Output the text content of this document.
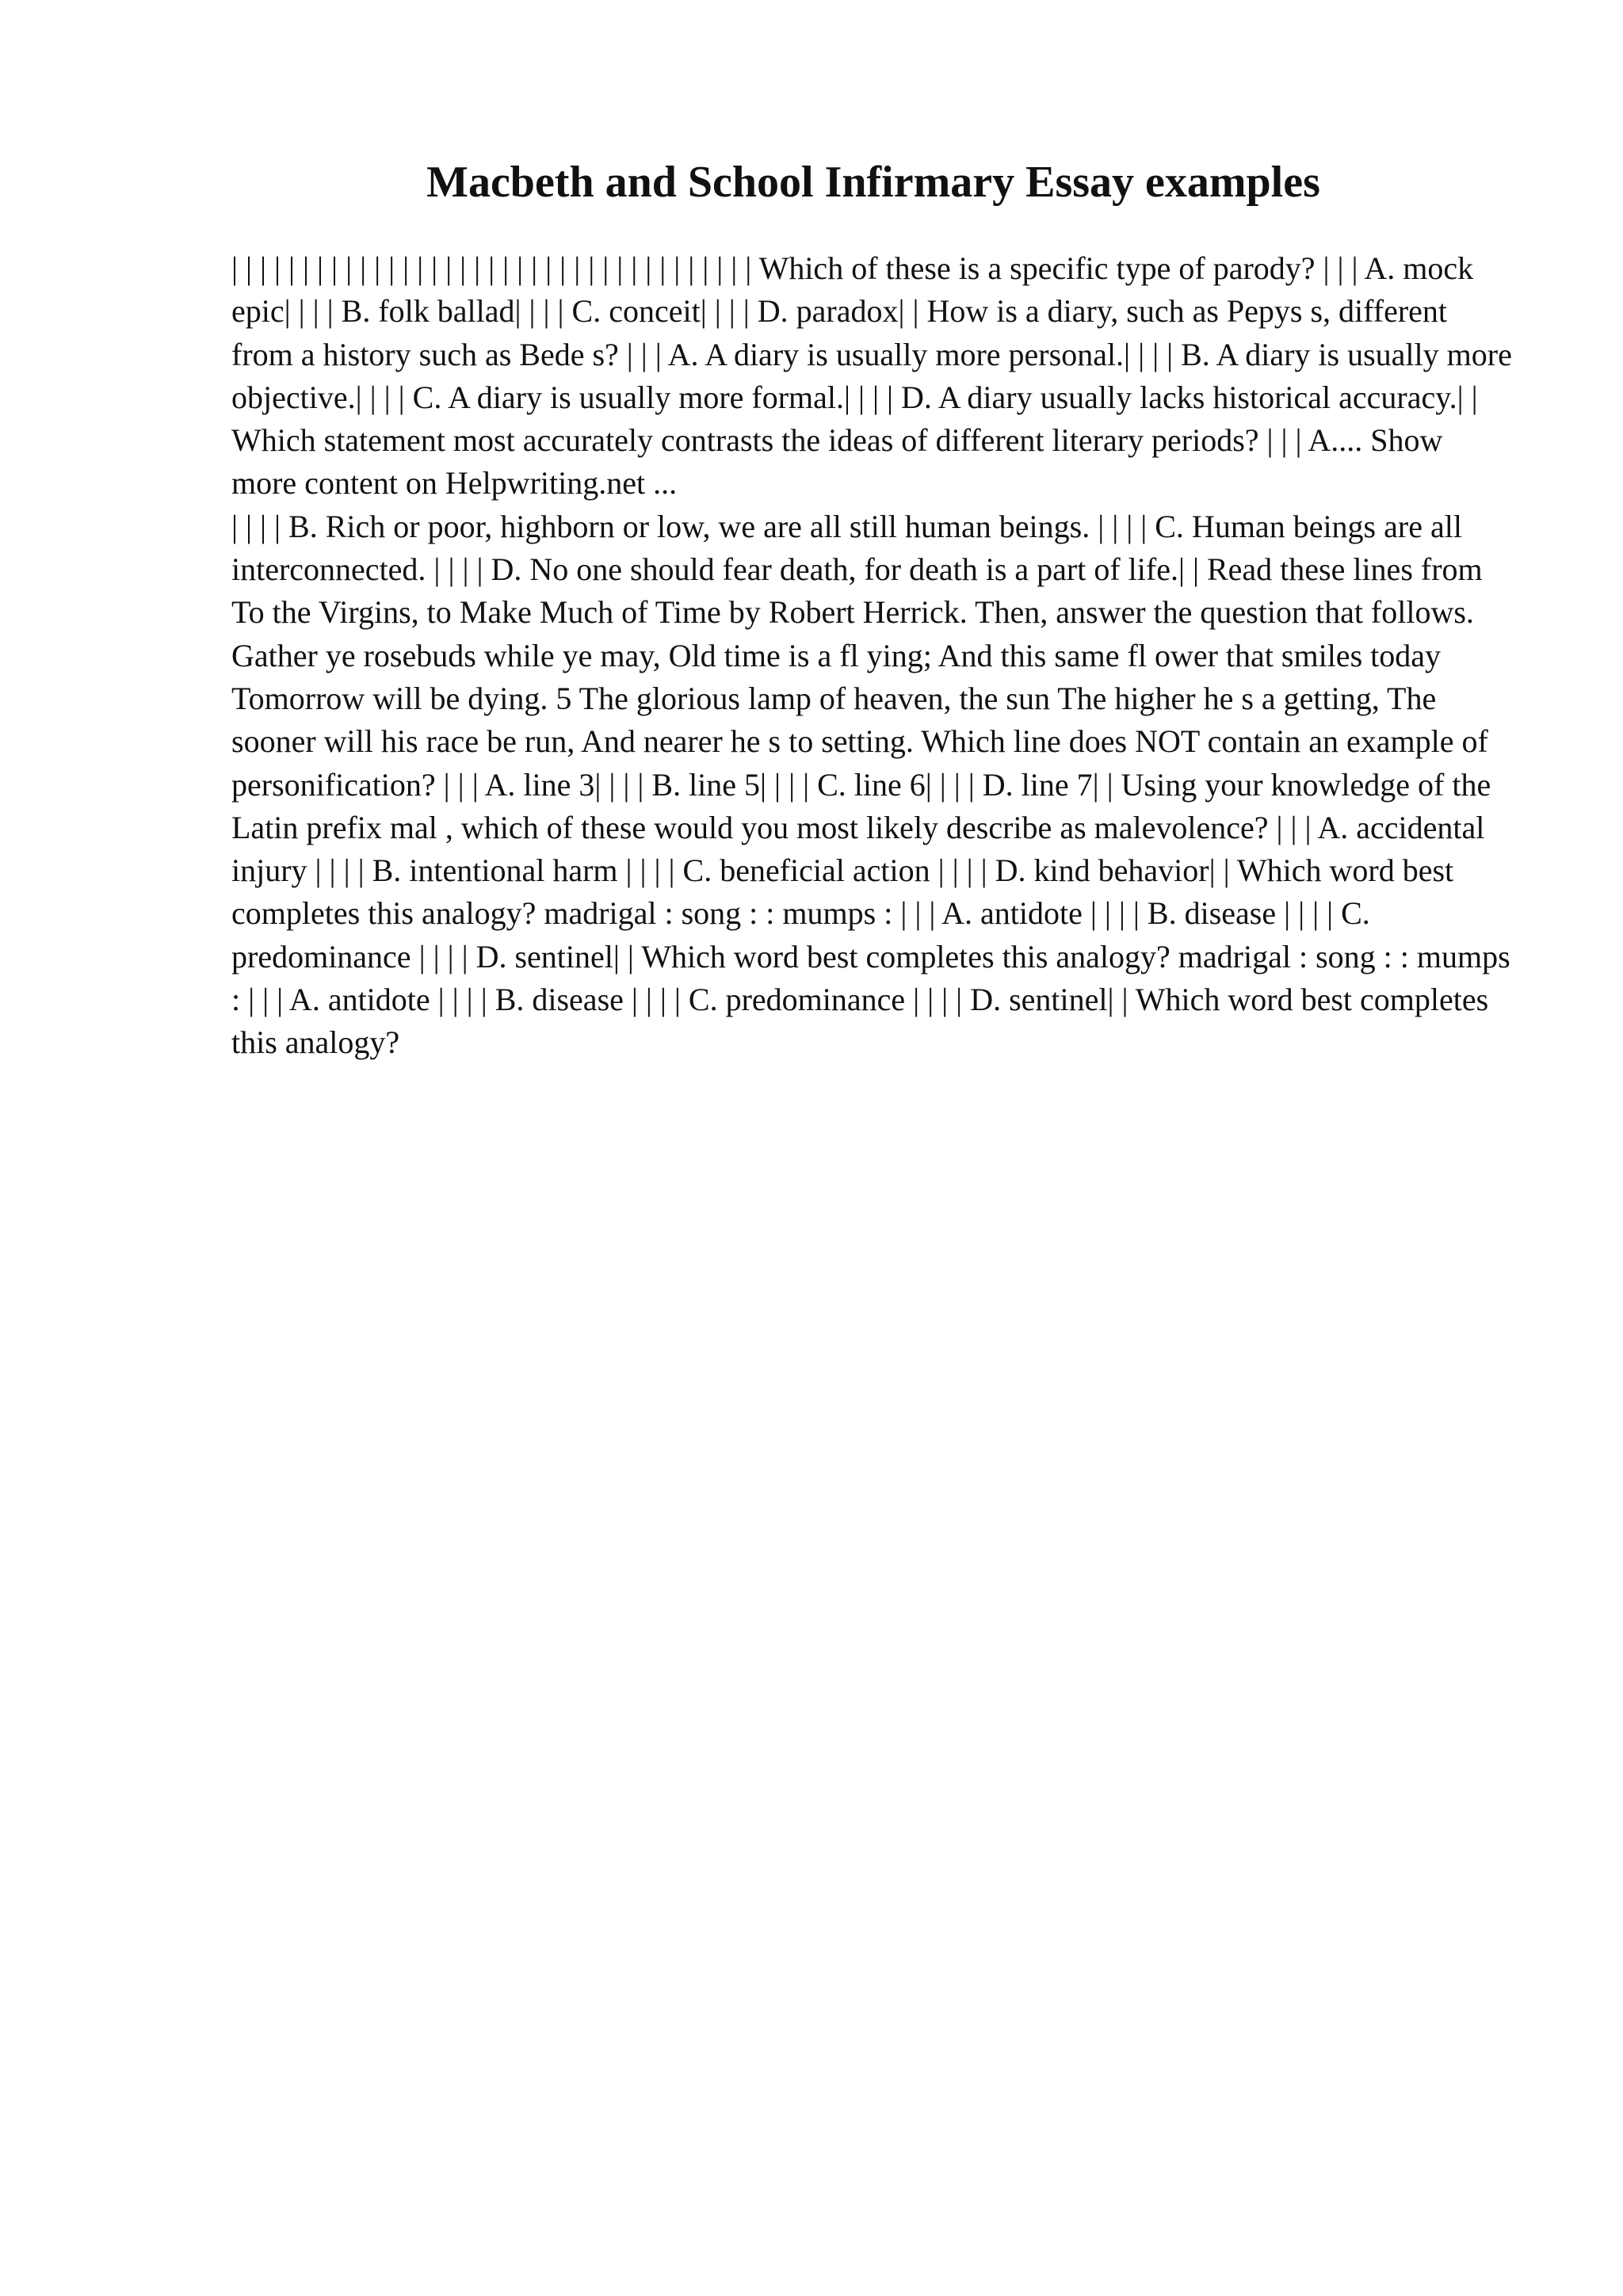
Macbeth and School Infirmary Essay examples

| | | | | | | | | | | | | | | | | | | | | | | | | | | | | | | | | | | | | Which of these is a specific type of parody? | | | A. mock epic| | | | B. folk ballad| | | | C. conceit| | | | D. paradox| | How is a diary, such as Pepys s, different from a history such as Bede s? | | | A. A diary is usually more personal.| | | | B. A diary is usually more objective.| | | | C. A diary is usually more formal.| | | | D. A diary usually lacks historical accuracy.| | Which statement most accurately contrasts the ideas of different literary periods? | | | A.... Show more content on Helpwriting.net ...

| | | | B. Rich or poor, highborn or low, we are all still human beings. | | | | C. Human beings are all interconnected. | | | | D. No one should fear death, for death is a part of life.| | Read these lines from To the Virgins, to Make Much of Time by Robert Herrick. Then, answer the question that follows. Gather ye rosebuds while ye may, Old time is a fl ying; And this same fl ower that smiles today Tomorrow will be dying. 5 The glorious lamp of heaven, the sun The higher he s a getting, The sooner will his race be run, And nearer he s to setting. Which line does NOT contain an example of personification? | | | A. line 3| | | | B. line 5| | | | C. line 6| | | | D. line 7| | Using your knowledge of the Latin prefix mal , which of these would you most likely describe as malevolence? | | | A. accidental injury | | | | B. intentional harm | | | | C. beneficial action | | | | D. kind behavior| | Which word best completes this analogy? madrigal : song : : mumps : | | | A. antidote | | | | B. disease | | | | C. predominance | | | | D. sentinel| | Which word best completes this analogy? madrigal : song : : mumps : | | | A. antidote | | | | B. disease | | | | C. predominance | | | | D. sentinel| | Which word best completes this analogy?
